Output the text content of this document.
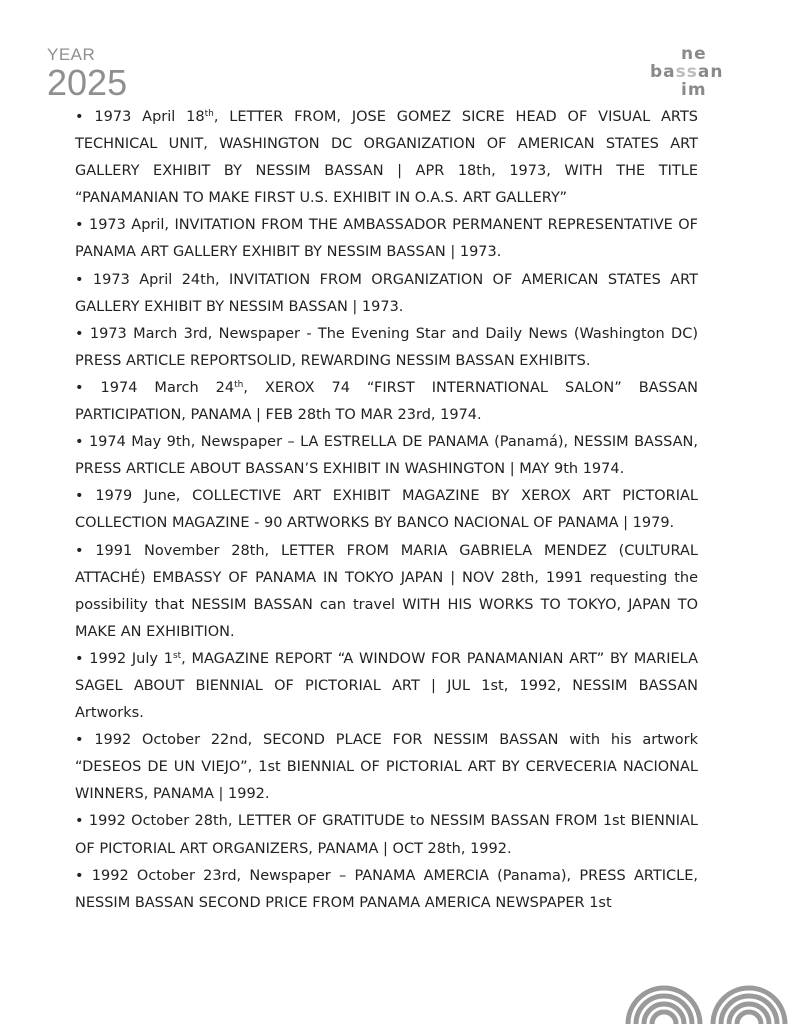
YEAR
2025
ne
bassan
im

• 1973 April 18th, LETTER FROM, JOSE GOMEZ SICRE HEAD OF VISUAL ARTS TECHNICAL UNIT, WASHINGTON DC ORGANIZATION OF AMERICAN STATES ART GALLERY EXHIBIT BY NESSIM BASSAN | APR 18th, 1973, WITH THE TITLE “PANAMANIAN TO MAKE FIRST U.S. EXHIBIT IN O.A.S. ART GALLERY”

• 1973 April, INVITATION FROM THE AMBASSADOR PERMANENT REPRESENTATIVE OF PANAMA ART GALLERY EXHIBIT BY NESSIM BASSAN | 1973.

• 1973 April 24th, INVITATION FROM ORGANIZATION OF AMERICAN STATES ART GALLERY EXHIBIT BY NESSIM BASSAN | 1973.

• 1973 March 3rd, Newspaper - The Evening Star and Daily News (Washington DC) PRESS ARTICLE REPORTSOLID, REWARDING NESSIM BASSAN EXHIBITS.

• 1974 March 24th, XEROX 74 “FIRST INTERNATIONAL SALON” BASSAN PARTICIPATION, PANAMA | FEB 28th TO MAR 23rd, 1974.

• 1974 May 9th, Newspaper – LA ESTRELLA DE PANAMA (Panamá), NESSIM BASSAN, PRESS ARTICLE ABOUT BASSAN’S EXHIBIT IN WASHINGTON | MAY 9th 1974.

• 1979 June, COLLECTIVE ART EXHIBIT MAGAZINE BY XEROX ART PICTORIAL COLLECTION MAGAZINE - 90 ARTWORKS BY BANCO NACIONAL OF PANAMA | 1979.

• 1991 November 28th, LETTER FROM MARIA GABRIELA MENDEZ (CULTURAL ATTACHÉ) EMBASSY OF PANAMA IN TOKYO JAPAN | NOV 28th, 1991 requesting the possibility that NESSIM BASSAN can travel WITH HIS WORKS TO TOKYO, JAPAN TO MAKE AN EXHIBITION.

• 1992 July 1st, MAGAZINE REPORT “A WINDOW FOR PANAMANIAN ART” BY MARIELA SAGEL ABOUT BIENNIAL OF PICTORIAL ART | JUL 1st, 1992, NESSIM BASSAN Artworks.

• 1992 October 22nd, SECOND PLACE FOR NESSIM BASSAN with his artwork “DESEOS DE UN VIEJO”, 1st BIENNIAL OF PICTORIAL ART BY CERVECERIA NACIONAL WINNERS, PANAMA | 1992.

• 1992 October 28th, LETTER OF GRATITUDE to NESSIM BASSAN FROM 1st BIENNIAL OF PICTORIAL ART ORGANIZERS, PANAMA | OCT 28th, 1992.

• 1992 October 23rd, Newspaper – PANAMA AMERCIA (Panama), PRESS ARTICLE, NESSIM BASSAN SECOND PRICE FROM PANAMA AMERICA NEWSPAPER 1st
